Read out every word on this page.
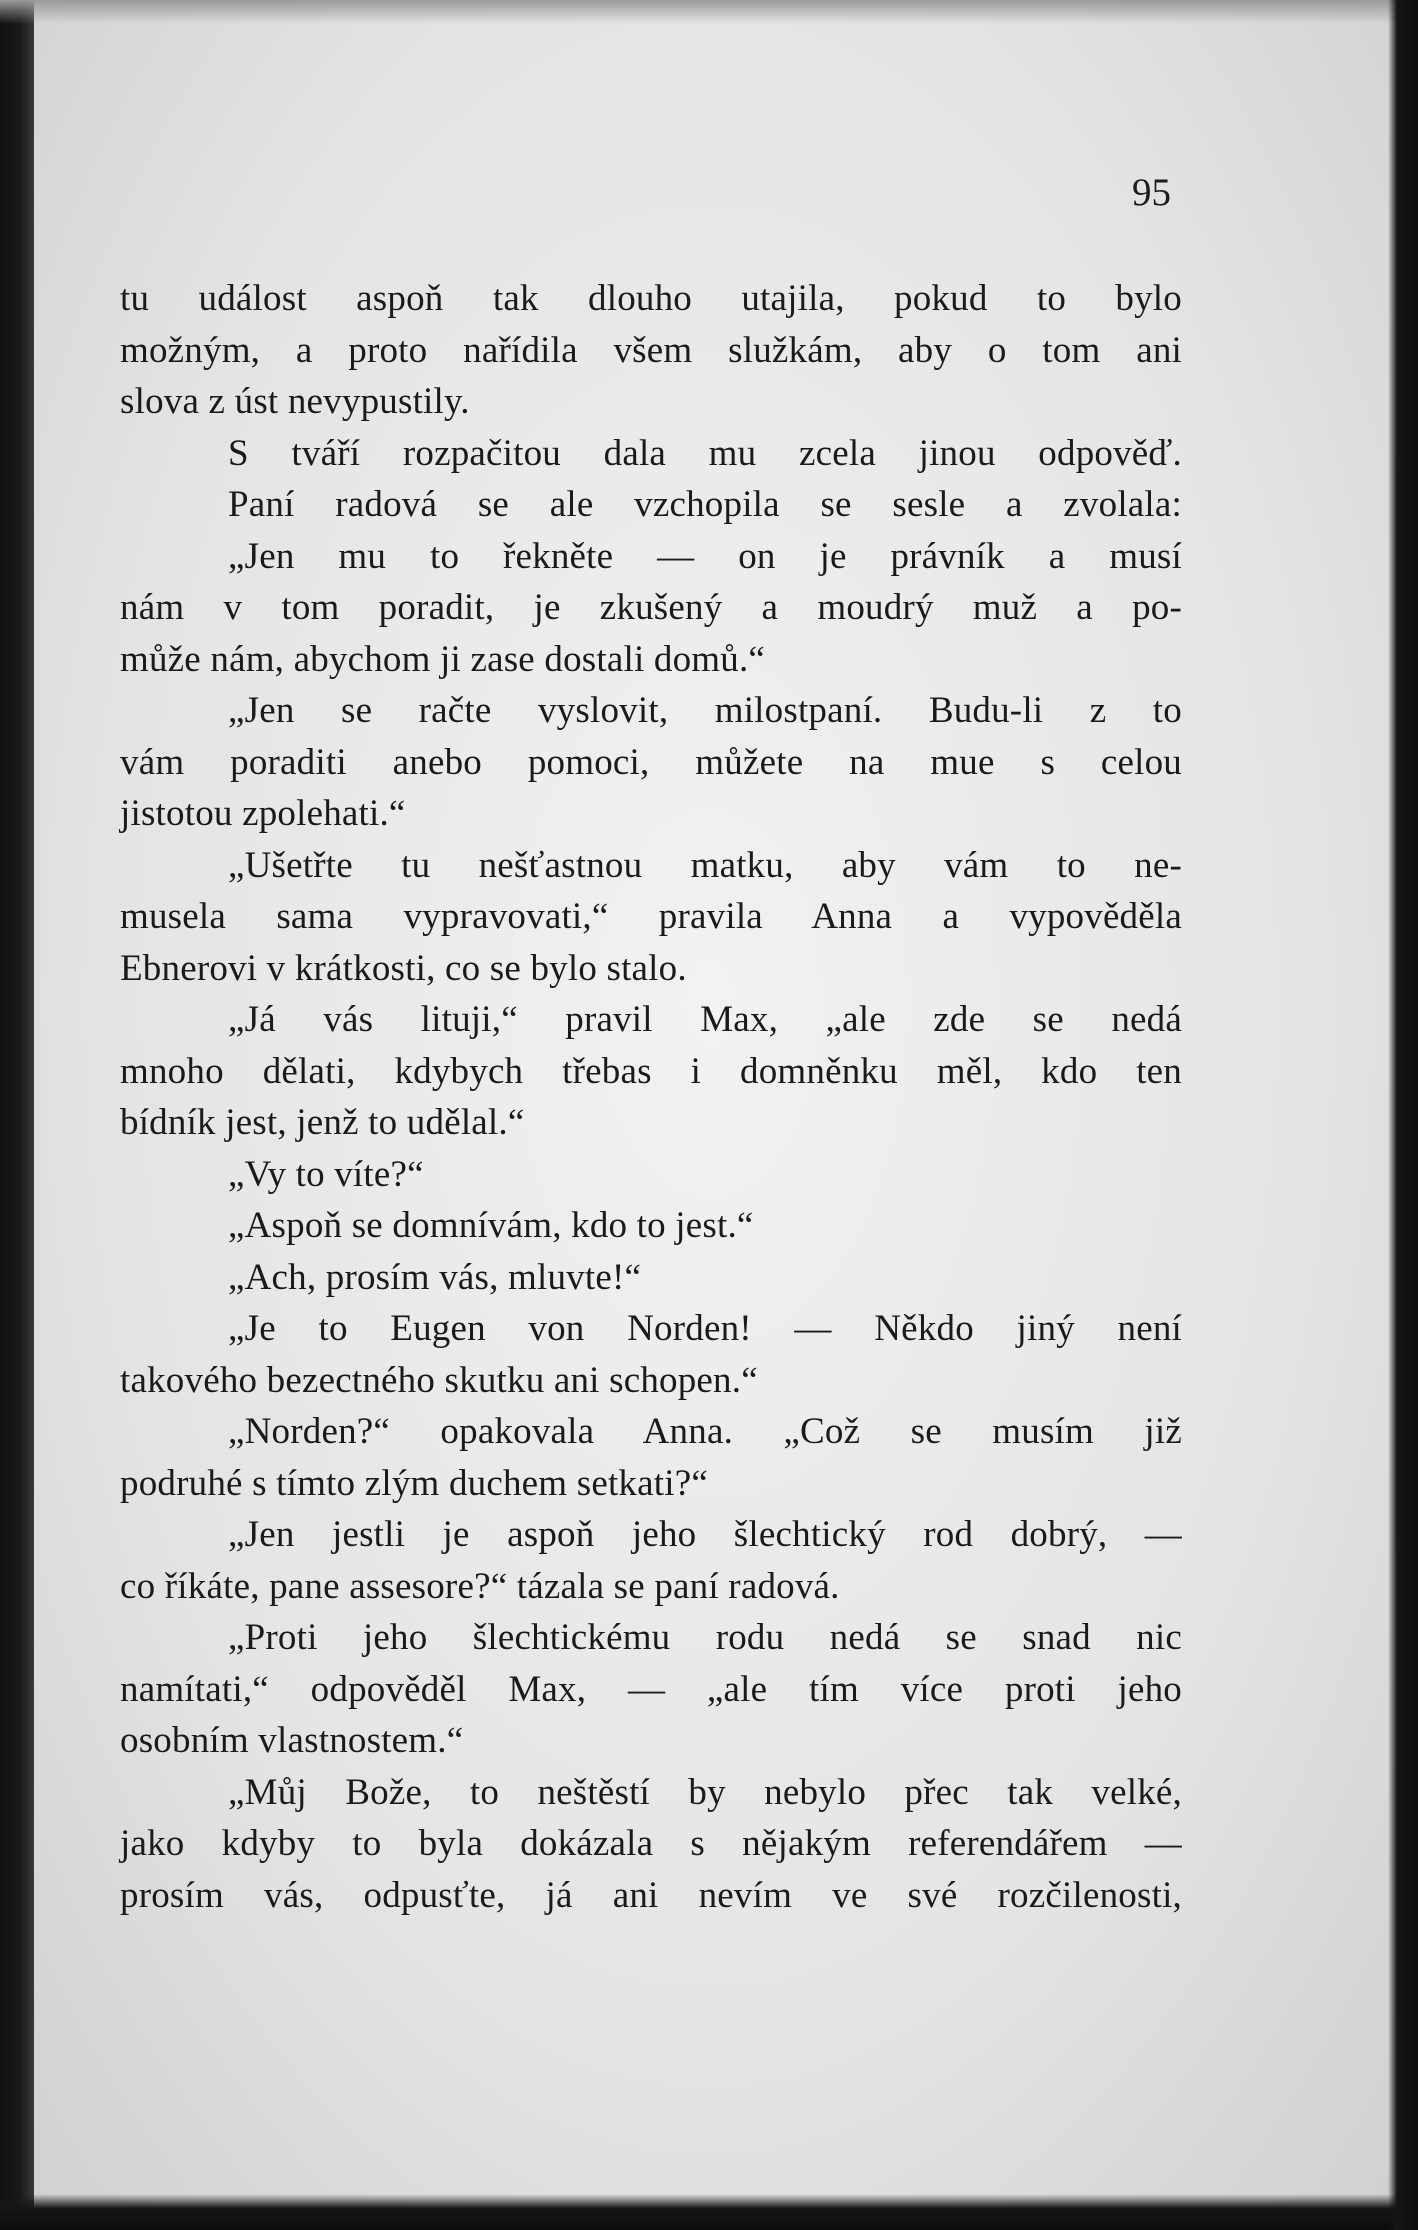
95
tu událost aspoň tak dlouho utajila, pokud to bylo
možným, a proto nařídila všem služkám, aby o tom ani
slova z úst nevypustily.
S tváří rozpačitou dala mu zcela jinou odpověď.
Paní radová se ale vzchopila se sesle a zvolala:
„Jen mu to řekněte — on je právník a musí
nám v tom poradit, je zkušený a moudrý muž a po-
může nám, abychom ji zase dostali domů.“
„Jen se račte vyslovit, milostpaní. Budu-li z to
vám poraditi anebo pomoci, můžete na mue s celou
jistotou zpolehati.“
„Ušetřte tu nešťastnou matku, aby vám to ne-
musela sama vypravovati,“ pravila Anna a vypověděla
Ebnerovi v krátkosti, co se bylo stalo.
„Já vás lituji,“ pravil Max, „ale zde se nedá
mnoho dělati, kdybych třebas i domněnku měl, kdo ten
bídník jest, jenž to udělal.“
„Vy to víte?“
„Aspoň se domnívám, kdo to jest.“
„Ach, prosím vás, mluvte!“
„Je to Eugen von Norden! — Někdo jiný není
takového bezectného skutku ani schopen.“
„Norden?“ opakovala Anna. „Což se musím již
podruhé s tímto zlým duchem setkati?“
„Jen jestli je aspoň jeho šlechtický rod dobrý, —
co říkáte, pane assesore?“ tázala se paní radová.
„Proti jeho šlechtickému rodu nedá se snad nic
namítati,“ odpověděl Max, — „ale tím více proti jeho
osobním vlastnostem.“
„Můj Bože, to neštěstí by nebylo přec tak velké,
jako kdyby to byla dokázala s nějakým referendářem —
prosím vás, odpusťte, já ani nevím ve své rozčilenosti,
